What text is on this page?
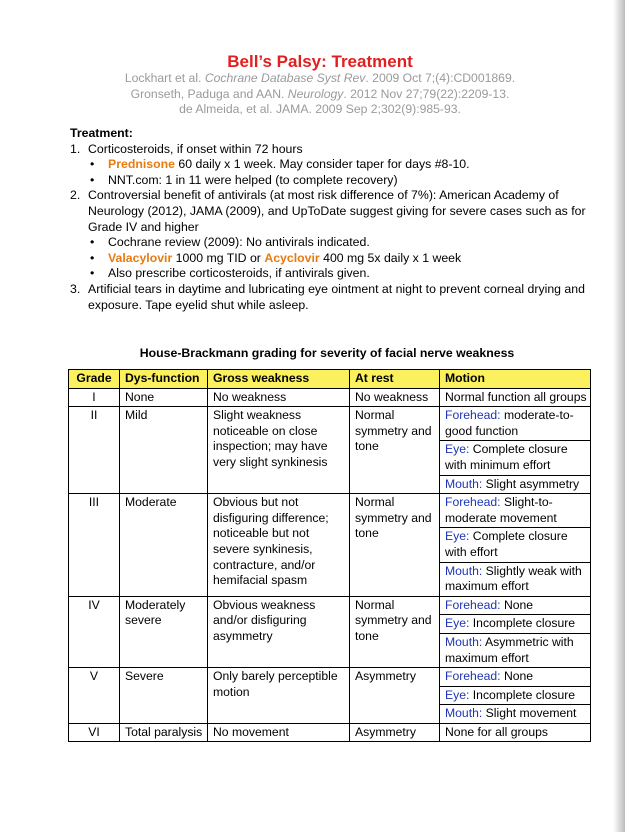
Bell’s Palsy: Treatment
Lockhart et al. Cochrane Database Syst Rev. 2009 Oct 7;(4):CD001869.
Gronseth, Paduga and AAN. Neurology. 2012 Nov 27;79(22):2209-13.
de Almeida, et al. JAMA. 2009 Sep 2;302(9):985-93.
Treatment:
1. Corticosteroids, if onset within 72 hours
• Prednisone 60 daily x 1 week. May consider taper for days #8-10.
• NNT.com: 1 in 11 were helped (to complete recovery)
2. Controversial benefit of antivirals (at most risk difference of 7%): American Academy of Neurology (2012), JAMA (2009), and UpToDate suggest giving for severe cases such as for Grade IV and higher
• Cochrane review (2009): No antivirals indicated.
• Valacylovir 1000 mg TID or Acyclovir 400 mg 5x daily x 1 week
• Also prescribe corticosteroids, if antivirals given.
3. Artificial tears in daytime and lubricating eye ointment at night to prevent corneal drying and exposure. Tape eyelid shut while asleep.
House-Brackmann grading for severity of facial nerve weakness
Grade	Dys-function	Gross weakness	At rest	Motion
I	None	No weakness	No weakness	Normal function all groups

II	Mild	Slight weakness noticeable on close inspection; may have very slight synkinesis	Normal symmetry and tone	Forehead: moderate-to-good function
Eye: Complete closure with minimum effort
Mouth: Slight asymmetry

III	Moderate	Obvious but not disfiguring difference; noticeable but not severe synkinesis, contracture, and/or hemifacial spasm	Normal symmetry and tone	Forehead: Slight-to-moderate movement
Eye: Complete closure with effort
Mouth: Slightly weak with maximum effort

IV	Moderately severe	Obvious weakness and/or disfiguring asymmetry	Normal symmetry and tone	Forehead: None
Eye: Incomplete closure
Mouth: Asymmetric with maximum effort

V	Severe	Only barely perceptible motion	Asymmetry	Forehead: None
Eye: Incomplete closure
Mouth: Slight movement

VI	Total paralysis	No movement	Asymmetry	None for all groups
